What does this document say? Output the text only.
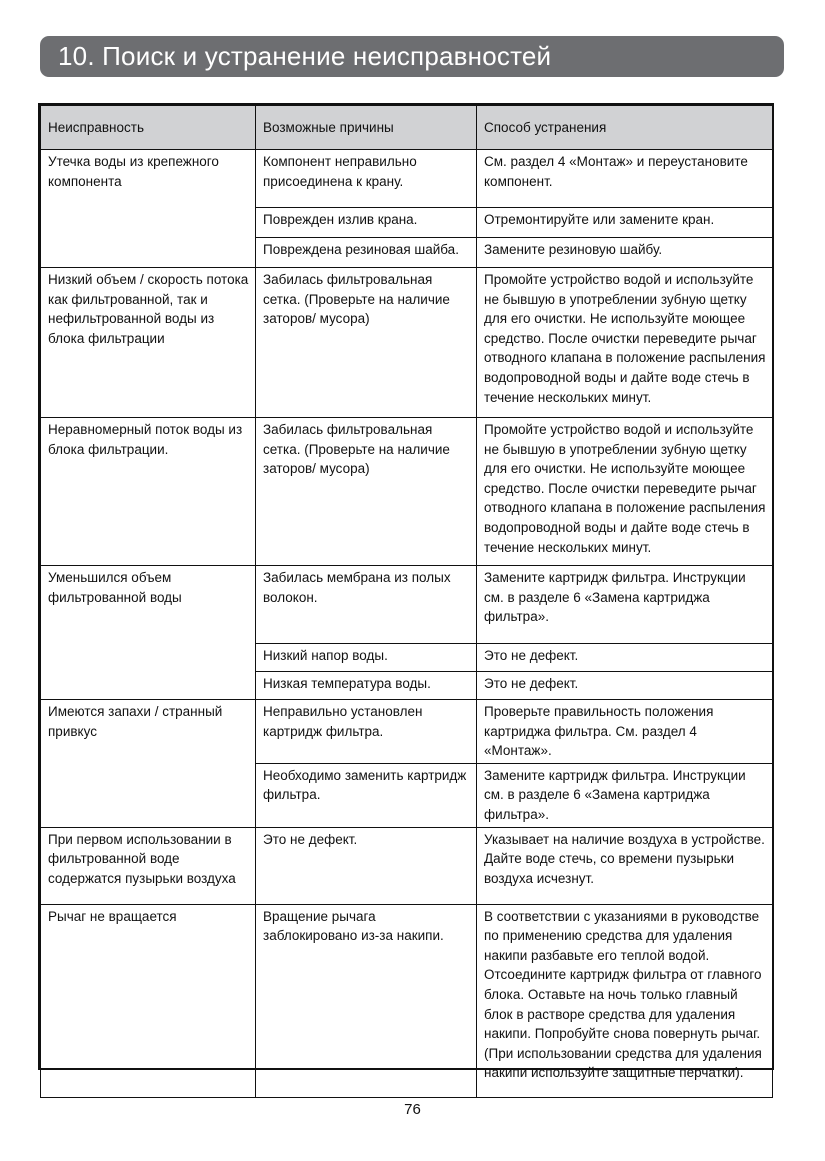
10. Поиск и устранение неисправностей
Неисправность	Возможные причины	Способ устранения
Утечка воды из крепежного компонента	Компонент неправильно присоединена к крану.	См. раздел 4 «Монтаж» и переустановите компонент.
	Поврежден излив крана.	Отремонтируйте или замените кран.
	Повреждена резиновая шайба.	Замените резиновую шайбу.
Низкий объем / скорость потока как фильтрованной, так и нефильтрованной воды из блока фильтрации	Забилась фильтровальная сетка. (Проверьте на наличие заторов/ мусора)	Промойте устройство водой и используйте не бывшую в употреблении зубную щетку для его очистки. Не используйте моющее средство. После очистки переведите рычаг отводного клапана в положение распыления водопроводной воды и дайте воде стечь в течение нескольких минут.
Неравномерный поток воды из блока фильтрации.	Забилась фильтровальная сетка. (Проверьте на наличие заторов/ мусора)	Промойте устройство водой и используйте не бывшую в употреблении зубную щетку для его очистки. Не используйте моющее средство. После очистки переведите рычаг отводного клапана в положение распыления водопроводной воды и дайте воде стечь в течение нескольких минут.
Уменьшился объем фильтрованной воды	Забилась мембрана из полых волокон.	Замените картридж фильтра. Инструкции см. в разделе 6 «Замена картриджа фильтра».
	Низкий напор воды.	Это не дефект.
	Низкая температура воды.	Это не дефект.
Имеются запахи / странный привкус	Неправильно установлен картридж фильтра.	Проверьте правильность положения картриджа фильтра. См. раздел 4 «Монтаж».
	Необходимо заменить картридж фильтра.	Замените картридж фильтра. Инструкции см. в разделе 6 «Замена картриджа фильтра».
При первом использовании в фильтрованной воде содержатся пузырьки воздуха	Это не дефект.	Указывает на наличие воздуха в устройстве. Дайте воде стечь, со времени пузырьки воздуха исчезнут.
Рычаг не вращается	Вращение рычага заблокировано из-за накипи.	В соответствии с указаниями в руководстве по применению средства для удаления накипи разбавьте его теплой водой. Отсоедините картридж фильтра от главного блока. Оставьте на ночь только главный блок в растворе средства для удаления накипи. Попробуйте снова повернуть рычаг. (При использовании средства для удаления накипи используйте защитные перчатки).
76
